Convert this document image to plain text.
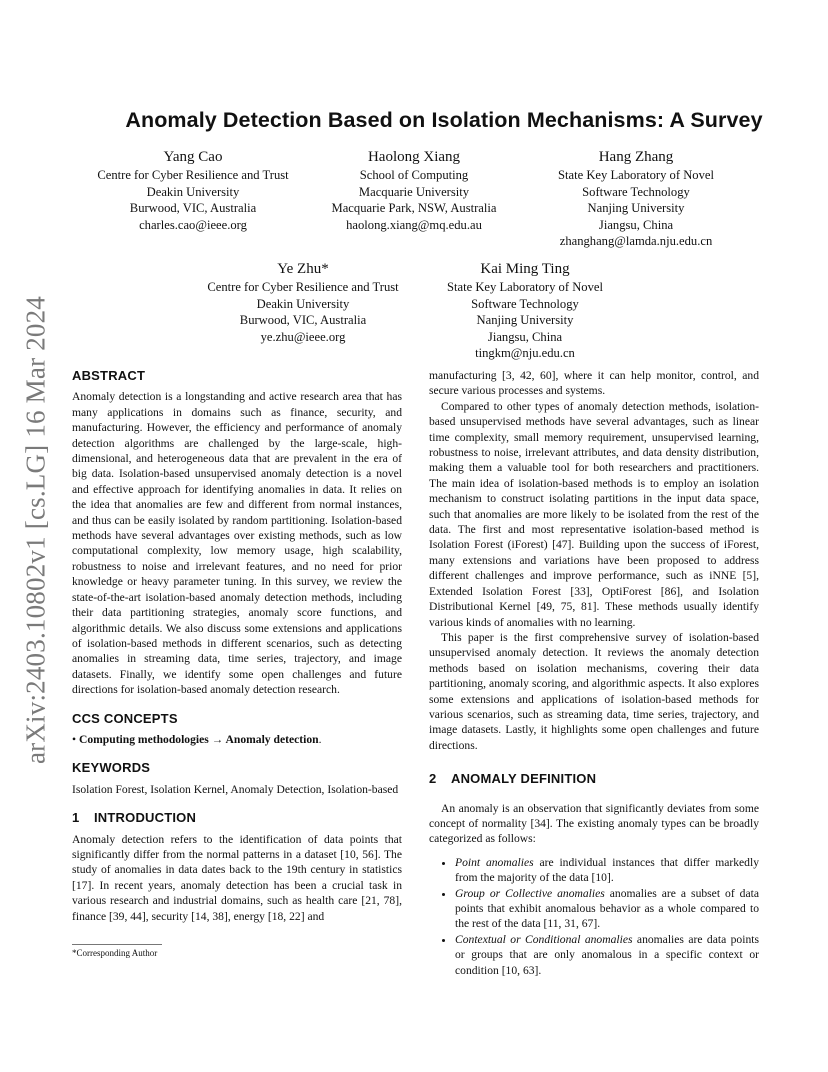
arXiv:2403.10802v1 [cs.LG] 16 Mar 2024
Anomaly Detection Based on Isolation Mechanisms: A Survey
Yang Cao
Centre for Cyber Resilience and Trust
Deakin University
Burwood, VIC, Australia
charles.cao@ieee.org
Haolong Xiang
School of Computing
Macquarie University
Macquarie Park, NSW, Australia
haolong.xiang@mq.edu.au
Hang Zhang
State Key Laboratory of Novel
Software Technology
Nanjing University
Jiangsu, China
zhanghang@lamda.nju.edu.cn
Ye Zhu*
Centre for Cyber Resilience and Trust
Deakin University
Burwood, VIC, Australia
ye.zhu@ieee.org
Kai Ming Ting
State Key Laboratory of Novel
Software Technology
Nanjing University
Jiangsu, China
tingkm@nju.edu.cn
ABSTRACT

Anomaly detection is a longstanding and active research area that has many applications in domains such as finance, security, and manufacturing. However, the efficiency and performance of anomaly detection algorithms are challenged by the large-scale, high-dimensional, and heterogeneous data that are prevalent in the era of big data. Isolation-based unsupervised anomaly detection is a novel and effective approach for identifying anomalies in data. It relies on the idea that anomalies are few and different from normal instances, and thus can be easily isolated by random partitioning. Isolation-based methods have several advantages over existing methods, such as low computational complexity, low memory usage, high scalability, robustness to noise and irrelevant features, and no need for prior knowledge or heavy parameter tuning. In this survey, we review the state-of-the-art isolation-based anomaly detection methods, including their data partitioning strategies, anomaly score functions, and algorithmic details. We also discuss some extensions and applications of isolation-based methods in different scenarios, such as detecting anomalies in streaming data, time series, trajectory, and image datasets. Finally, we identify some open challenges and future directions for isolation-based anomaly detection research.

CCS CONCEPTS

• Computing methodologies → Anomaly detection.

KEYWORDS

Isolation Forest, Isolation Kernel, Anomaly Detection, Isolation-based

1 INTRODUCTION

Anomaly detection refers to the identification of data points that significantly differ from the normal patterns in a dataset [10, 56]. The study of anomalies in data dates back to the 19th century in statistics [17]. In recent years, anomaly detection has been a crucial task in various research and industrial domains, such as health care [21, 78], finance [39, 44], security [14, 38], energy [18, 22] and

*Corresponding Author

manufacturing [3, 42, 60], where it can help monitor, control, and secure various processes and systems.

Compared to other types of anomaly detection methods, isolation-based unsupervised methods have several advantages, such as linear time complexity, small memory requirement, unsupervised learning, robustness to noise, irrelevant attributes, and data density distribution, making them a valuable tool for both researchers and practitioners. The main idea of isolation-based methods is to employ an isolation mechanism to construct isolating partitions in the input data space, such that anomalies are more likely to be isolated from the rest of the data. The first and most representative isolation-based method is Isolation Forest (iForest) [47]. Building upon the success of iForest, many extensions and variations have been proposed to address different challenges and improve performance, such as iNNE [5], Extended Isolation Forest [33], OptiForest [86], and Isolation Distributional Kernel [49, 75, 81]. These methods usually identify various kinds of anomalies with no learning.

This paper is the first comprehensive survey of isolation-based unsupervised anomaly detection. It reviews the anomaly detection methods based on isolation mechanisms, covering their data partitioning, anomaly scoring, and algorithmic aspects. It also explores some extensions and applications of isolation-based methods for various scenarios, such as streaming data, time series, trajectory, and image datasets. Lastly, it highlights some open challenges and future directions.

2 ANOMALY DEFINITION

An anomaly is an observation that significantly deviates from some concept of normality [34]. The existing anomaly types can be broadly categorized as follows:

• Point anomalies are individual instances that differ markedly from the majority of the data [10].
• Group or Collective anomalies anomalies are a subset of data points that exhibit anomalous behavior as a whole compared to the rest of the data [11, 31, 67].
• Contextual or Conditional anomalies anomalies are data points or groups that are only anomalous in a specific context or condition [10, 63].
